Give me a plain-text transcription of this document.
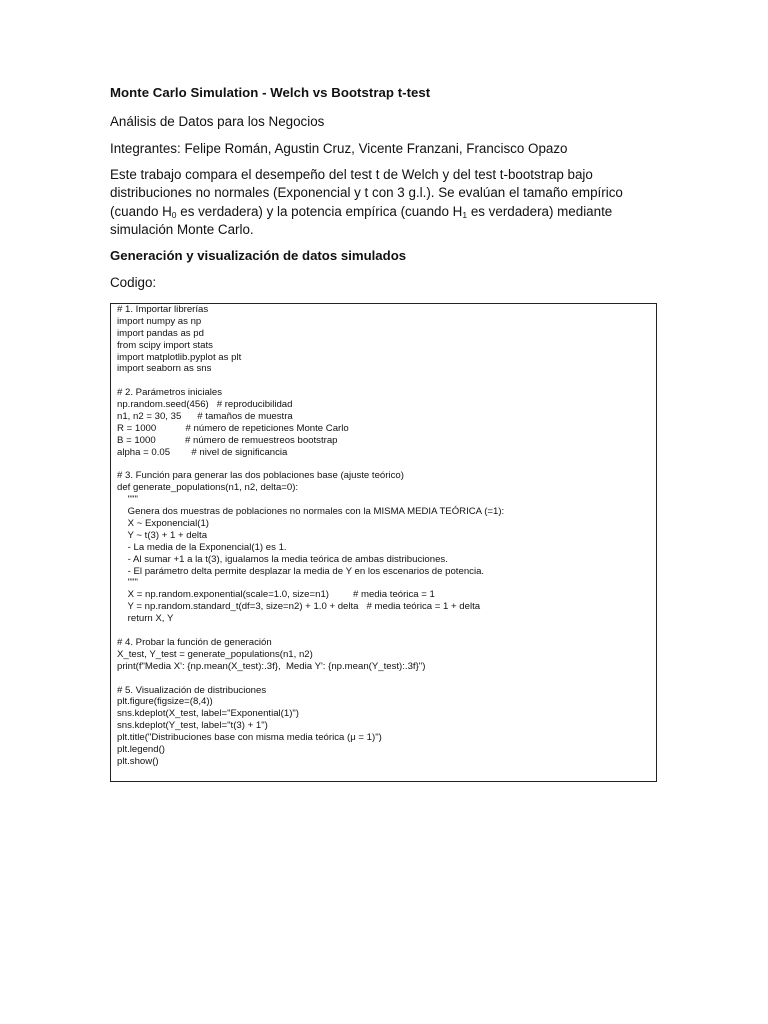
Monte Carlo Simulation - Welch vs Bootstrap t-test
Análisis de Datos para los Negocios
Integrantes: Felipe Román, Agustin Cruz, Vicente Franzani, Francisco Opazo
Este trabajo compara el desempeño del test t de Welch y del test t-bootstrap bajo distribuciones no normales (Exponencial y t con 3 g.l.). Se evalúan el tamaño empírico (cuando $H_0$ es verdadera) y la potencia empírica (cuando $H_1$ es verdadera) mediante simulación Monte Carlo.
Generación y visualización de datos simulados
Codigo:
# 1. Importar librerías
import numpy as np
import pandas as pd
from scipy import stats
import matplotlib.pyplot as plt
import seaborn as sns
# 2. Parámetros iniciales
np.random.seed(456)   # reproducibilidad
n1, n2 = 30, 35      # tamaños de muestra
R = 1000           # número de repeticiones Monte Carlo
B = 1000           # número de remuestreos bootstrap
alpha = 0.05        # nivel de significancia
# 3. Función para generar las dos poblaciones base (ajuste teórico)
def generate_populations(n1, n2, delta=0):
"""
Genera dos muestras de poblaciones no normales con la MISMA MEDIA TEÓRICA (=1):
X ~ Exponencial(1)
Y ~ t(3) + 1 + delta
- La media de la Exponencial(1) es 1.
- Al sumar +1 a la t(3), igualamos la media teórica de ambas distribuciones.
- El parámetro delta permite desplazar la media de Y en los escenarios de potencia.
"""
X = np.random.exponential(scale=1.0, size=n1)         # media teórica = 1
Y = np.random.standard_t(df=3, size=n2) + 1.0 + delta   # media teórica = 1 + delta
return X, Y
# 4. Probar la función de generación
X_test, Y_test = generate_populations(n1, n2)
print(f"Media X': {np.mean(X_test):.3f},  Media Y': {np.mean(Y_test):.3f}")
# 5. Visualización de distribuciones
plt.figure(figsize=(8,4))
sns.kdeplot(X_test, label="Exponential(1)")
sns.kdeplot(Y_test, label="t(3) + 1")
plt.title("Distribuciones base con misma media teórica (μ = 1)")
plt.legend()
plt.show()
